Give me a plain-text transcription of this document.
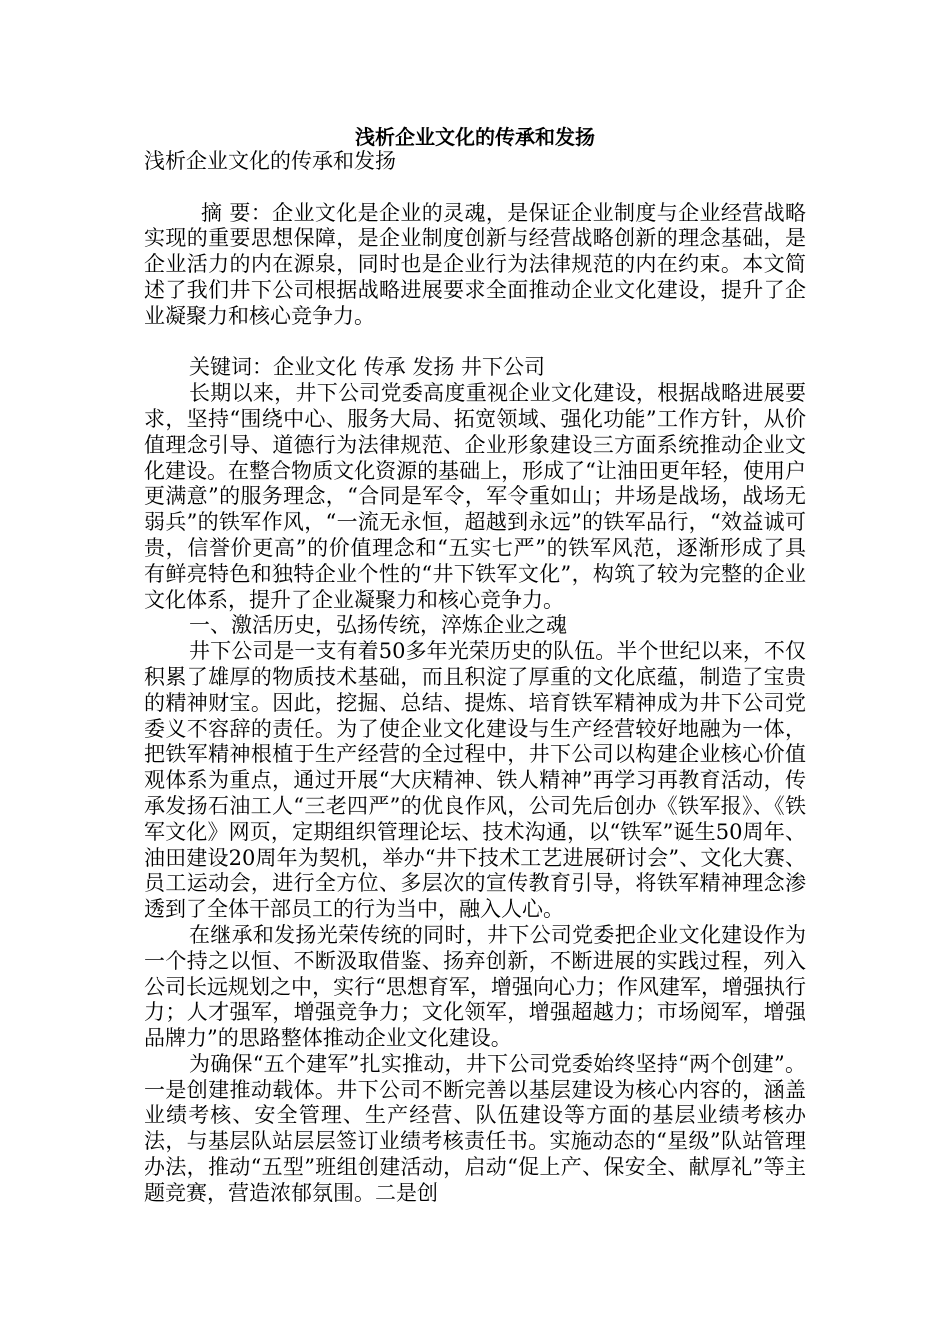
浅析企业文化的传承和发扬

浅析企业文化的传承和发扬

摘 要：企业文化是企业的灵魂，是保证企业制度与企业经营战略实现的重要思想保障，是企业制度创新与经营战略创新的理念基础，是企业活力的内在源泉，同时也是企业行为法律规范的内在约束。本文简述了我们井下公司根据战略进展要求全面推动企业文化建设，提升了企业凝聚力和核心竞争力。

关键词：企业文化 传承 发扬 井下公司

长期以来，井下公司党委高度重视企业文化建设，根据战略进展要求，坚持“围绕中心、服务大局、拓宽领域、强化功能”工作方针，从价值理念引导、道德行为法律规范、企业形象建设三方面系统推动企业文化建设。在整合物质文化资源的基础上，形成了“让油田更年轻，使用户更满意”的服务理念，“合同是军令，军令重如山；井场是战场，战场无弱兵”的铁军作风，“一流无永恒，超越到永远”的铁军品行，“效益诚可贵，信誉价更高”的价值理念和“五实七严”的铁军风范，逐渐形成了具有鲜亮特色和独特企业个性的“井下铁军文化”，构筑了较为完整的企业文化体系，提升了企业凝聚力和核心竞争力。

一、激活历史，弘扬传统，淬炼企业之魂

井下公司是一支有着50多年光荣历史的队伍。半个世纪以来，不仅积累了雄厚的物质技术基础，而且积淀了厚重的文化底蕴，制造了宝贵的精神财宝。因此，挖掘、总结、提炼、培育铁军精神成为井下公司党委义不容辞的责任。为了使企业文化建设与生产经营较好地融为一体，把铁军精神根植于生产经营的全过程中，井下公司以构建企业核心价值观体系为重点，通过开展“大庆精神、铁人精神”再学习再教育活动，传承发扬石油工人“三老四严”的优良作风，公司先后创办《铁军报》、《铁军文化》网页，定期组织管理论坛、技术沟通，以“铁军”诞生50周年、油田建设20周年为契机，举办“井下技术工艺进展研讨会”、文化大赛、员工运动会，进行全方位、多层次的宣传教育引导，将铁军精神理念渗透到了全体干部员工的行为当中，融入人心。

在继承和发扬光荣传统的同时，井下公司党委把企业文化建设作为一个持之以恒、不断汲取借鉴、扬弃创新，不断进展的实践过程，列入公司长远规划之中，实行“思想育军，增强向心力；作风建军，增强执行力；人才强军，增强竞争力；文化领军，增强超越力；市场阅军，增强品牌力”的思路整体推动企业文化建设。

为确保“五个建军”扎实推动，井下公司党委始终坚持“两个创建”。一是创建推动载体。井下公司不断完善以基层建设为核心内容的，涵盖业绩考核、安全管理、生产经营、队伍建设等方面的基层业绩考核办法，与基层队站层层签订业绩考核责任书。实施动态的“星级”队站管理办法，推动“五型”班组创建活动，启动“促上产、保安全、献厚礼”等主题竞赛，营造浓郁氛围。二是创
